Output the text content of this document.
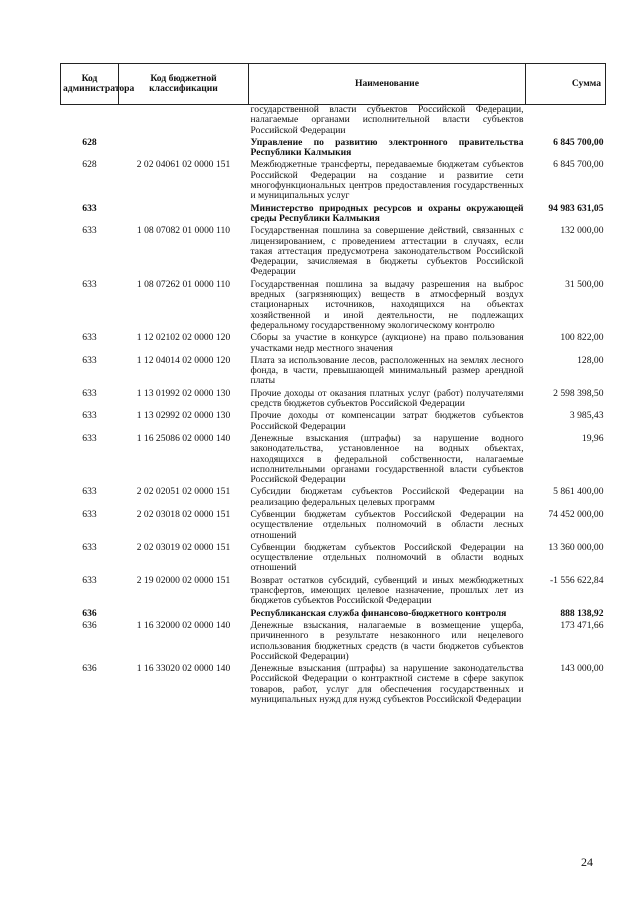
Код администратора	Код бюджетной классификации	Наименование	Сумма
		государственной власти субъектов Российской Федерации, налагаемые органами исполнительной власти субъектов Российской Федерации	
628		Управление по развитию электронного правительства Республики Калмыкия	6 845 700,00
628	2 02 04061 02 0000 151	Межбюджетные трансферты, передаваемые бюджетам субъектов Российской Федерации на создание и развитие сети многофункциональных центров предоставления государственных и муниципальных услуг	6 845 700,00
633		Министерство природных ресурсов и охраны окружающей среды Республики Калмыкия	94 983 631,05
633	1 08 07082 01 0000 110	Государственная пошлина за совершение действий, связанных с лицензированием, с проведением аттестации в случаях, если такая аттестация предусмотрена законодательством Российской Федерации, зачисляемая в бюджеты субъектов Российской Федерации	132 000,00
633	1 08 07262 01 0000 110	Государственная пошлина за выдачу разрешения на выброс вредных (загрязняющих) веществ в атмосферный воздух стационарных источников, находящихся на объектах хозяйственной и иной деятельности, не подлежащих федеральному государственному экологическому контролю	31 500,00
633	1 12 02102 02 0000 120	Сборы за участие в конкурсе (аукционе) на право пользования участками недр местного значения	100 822,00
633	1 12 04014 02 0000 120	Плата за использование лесов, расположенных на землях лесного фонда, в части, превышающей минимальный размер арендной платы	128,00
633	1 13 01992 02 0000 130	Прочие доходы от оказания платных услуг (работ) получателями средств бюджетов субъектов Российской Федерации	2 598 398,50
633	1 13 02992 02 0000 130	Прочие доходы от компенсации затрат бюджетов субъектов Российской Федерации	3 985,43
633	1 16 25086 02 0000 140	Денежные взыскания (штрафы) за нарушение водного законодательства, установленное на водных объектах, находящихся в федеральной собственности, налагаемые исполнительными органами государственной власти субъектов Российской Федерации	19,96
633	2 02 02051 02 0000 151	Субсидии бюджетам субъектов Российской Федерации на реализацию федеральных целевых программ	5 861 400,00
633	2 02 03018 02 0000 151	Субвенции бюджетам субъектов Российской Федерации на осуществление отдельных полномочий в области лесных отношений	74 452 000,00
633	2 02 03019 02 0000 151	Субвенции бюджетам субъектов Российской Федерации на осуществление отдельных полномочий в области водных отношений	13 360 000,00
633	2 19 02000 02 0000 151	Возврат остатков субсидий, субвенций и иных межбюджетных трансфертов, имеющих целевое назначение, прошлых лет из бюджетов субъектов Российской Федерации	-1 556 622,84
636		Республиканская служба финансово-бюджетного контроля	888 138,92
636	1 16 32000 02 0000 140	Денежные взыскания, налагаемые в возмещение ущерба, причиненного в результате незаконного или нецелевого использования бюджетных средств (в части бюджетов субъектов Российской Федерации)	173 471,66
636	1 16 33020 02 0000 140	Денежные взыскания (штрафы) за нарушение законодательства Российской Федерации о контрактной системе в сфере закупок товаров, работ, услуг для обеспечения государственных и муниципальных нужд для нужд субъектов Российской Федерации	143 000,00
24
